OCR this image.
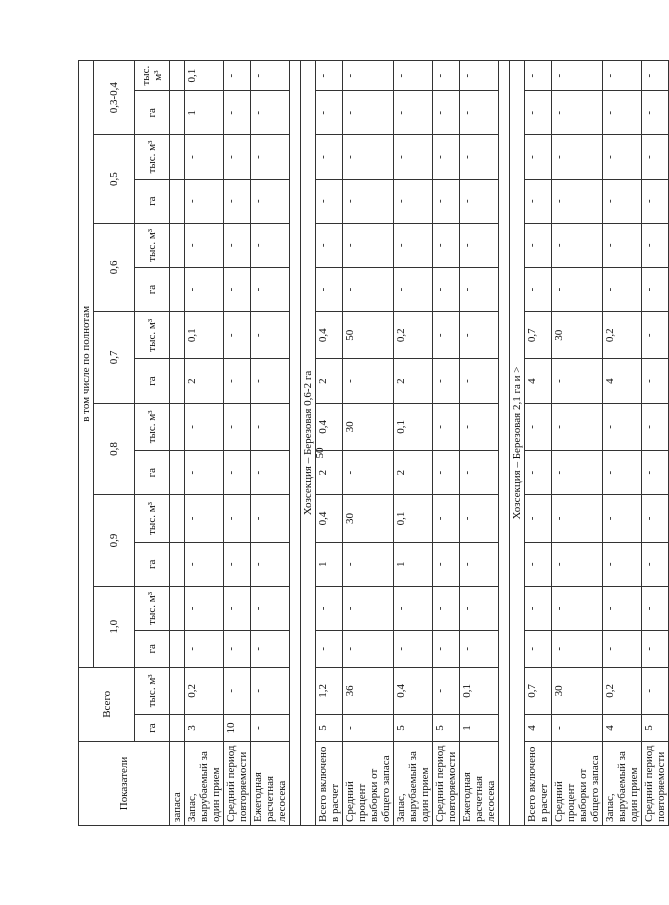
50
Показатели	Всего		в том числе по полнотам													
			1,0		0,9		0,8		0,7		0,6		0,5		0,3-0,4	
	га	тыс. м³	га	тыс. м³	га	тыс. м³	га	тыс. м³	га	тыс. м³	га	тыс. м³	га	тыс. м³	га	тыс. м³
запаса																
Запас, вырубаемый за один прием	3	0,2	-	-	-	-	-	-	2	0,1	-	-	-	-	1	0,1
Средний период повторяемости	10	-	-	-	-	-	-	-	-	-	-	-	-	-	-	-
Ежегодная расчетная лесосека	-	-	-	-	-	-	-	-	-	-	-	-	-	-	-	-

Хозсекция – Березовая 0,6-2 га																
Всего включено в расчет	5	1,2	-	-	1	0,4	2	0,4	2	0,4	-	-	-	-	-	-
Средний процент выборки от общего запаса	-	36	-	-	-	30	-	30	-	50	-	-	-	-	-	-
Запас, вырубаемый за один прием	5	0,4	-	-	1	0,1	2	0,1	2	0,2	-	-	-	-	-	-
Средний период повторяемости	5	-	-	-	-	-	-	-	-	-	-	-	-	-	-	-
Ежегодная расчетная лесосека	1	0,1	-	-	-	-	-	-	-	-	-	-	-	-	-	-

Хозсекция – Березовая 2,1 га и >																
Всего включено в расчет	4	0,7	-	-	-	-	-	-	4	0,7	-	-	-	-	-	-
Средний процент выборки от общего запаса	-	30	-	-	-	-	-	-	-	30	-	-	-	-	-	-
Запас, вырубаемый за один прием	4	0,2	-	-	-	-	-	-	4	0,2	-	-	-	-	-	-
Средний период повторяемости	5	-	-	-	-	-	-	-	-	-	-	-	-	-	-	-
